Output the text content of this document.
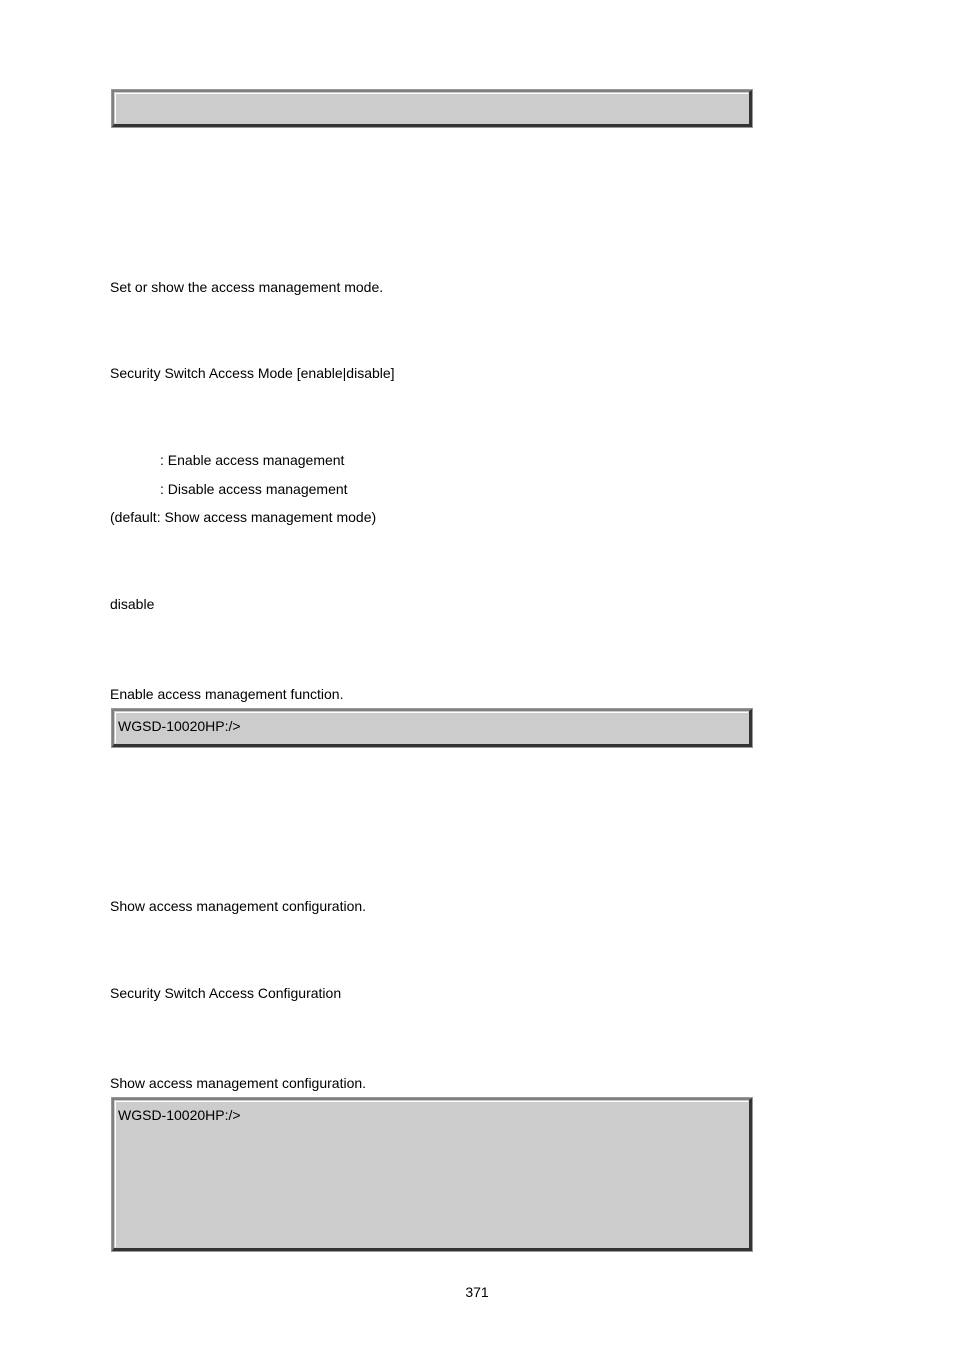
Set or show the access management mode.
Security Switch Access Mode [enable|disable]
: Enable access management
: Disable access management
(default: Show access management mode)
disable
Enable access management function.
WGSD-10020HP:/>
Show access management configuration.
Security Switch Access Configuration
Show access management configuration.
WGSD-10020HP:/>
371
